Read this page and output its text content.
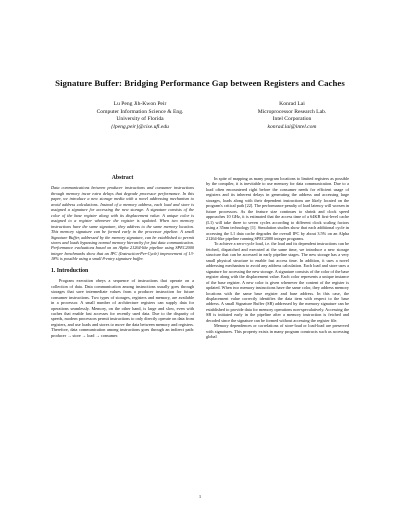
Signature Buffer: Bridging Performance Gap between Registers and Caches
Lu Peng Jih-Kwon Peir
Computer Information Science & Eng.
University of Florida
{lpeng,peir}@cise.ufl.edu
Konrad Lai
Microprocessor Research Lab.
Intel Corporation
konrad.lai@intel.com
Abstract

Data communications between producer instructions and consumer instructions through memory incur extra delays that degrade processor performance. In this paper, we introduce a new storage media with a novel addressing mechanism to avoid address calculations. Instead of a memory address, each load and store is assigned a signature for accessing the new storage. A signature consists of the color of the base register along with its displacement value. A unique color is assigned to a register whenever the register is updated. When two memory instructions have the same signature, they address to the same memory location. This memory signature can be formed early in the processor pipeline. A small Signature Buffer, addressed by the memory signature, can be established to permit stores and loads bypassing normal memory hierarchy for fast data communication. Performance evaluations based on an Alpha 21264-like pipeline using SPEC2000 integer benchmarks show that an IPC (Instruction-Per-Cycle) improvement of 13-18% is possible using a small 8-entry signature buffer.

1. Introduction

Program execution obeys a sequence of instructions that operate on a collection of data. Data communication among instructions usually goes through storages that save intermediate values from a producer instruction for future consumer instructions. Two types of storages, registers and memory, are available in a processor. A small number of architecture registers can supply data for operations seamlessly. Memory, on the other hand, is large and slow, even with caches that enable fast accesses for recently used data. Due to the disparity of speeds, modern processors permit instructions to only directly operate on data from registers, and use loads and stores to move the data between memory and registers. Therefore, data communication among instructions goes through an indirect path: producer → store → load → consumer.

In spite of mapping as many program locations to limited registers as possible by the compiler, it is inevitable to use memory for data communication. Due to a load often encountered right before the consumer needs for efficient usage of registers and its inherent delays in generating the address and accessing large storages, loads along with their dependent instructions are likely located on the program's critical path [22]. The performance penalty of load latency will worsen in future processors. As the feature size continues to shrink and clock speed approaches 10 GHz, it is estimated that the access time of a 64KB first-level cache (L1) will take three to seven cycles according to different clock scaling factors using a 35nm technology [1]. Simulation studies show that each additional cycle in accessing the L1 data cache degrades the overall IPC by about 3.5% on an Alpha 21264-like pipeline running SPEC2000 integer programs.

To achieve a zero-cycle load, i.e. the load and its dependent instructions can be fetched, dispatched and executed at the same time, we introduce a new storage structure that can be accessed in early pipeline stages. The new storage has a very small physical structure to enable fast access time. In addition, it uses a novel addressing mechanism to avoid any address calculation. Each load and store uses a signature for accessing the new storage. A signature consists of the color of the base register along with the displacement value. Each color represents a unique instance of the base register. A new color is given whenever the content of the register is updated. When two memory instructions have the same color, they address memory locations with the same base register and base address. In this case, the displacement value correctly identifies the data item with respect to the base address. A small Signature Buffer (SB) addressed by the memory signature can be established to provide data for memory operations non-speculatively. Accessing the SB is initiated early in the pipeline after a memory instruction is fetched and decoded since the signature can be formed without accessing the register file.

Memory dependences or correlations of store-load or load-load are preserved with signatures. This property exists in many program constructs such as accessing global

1
